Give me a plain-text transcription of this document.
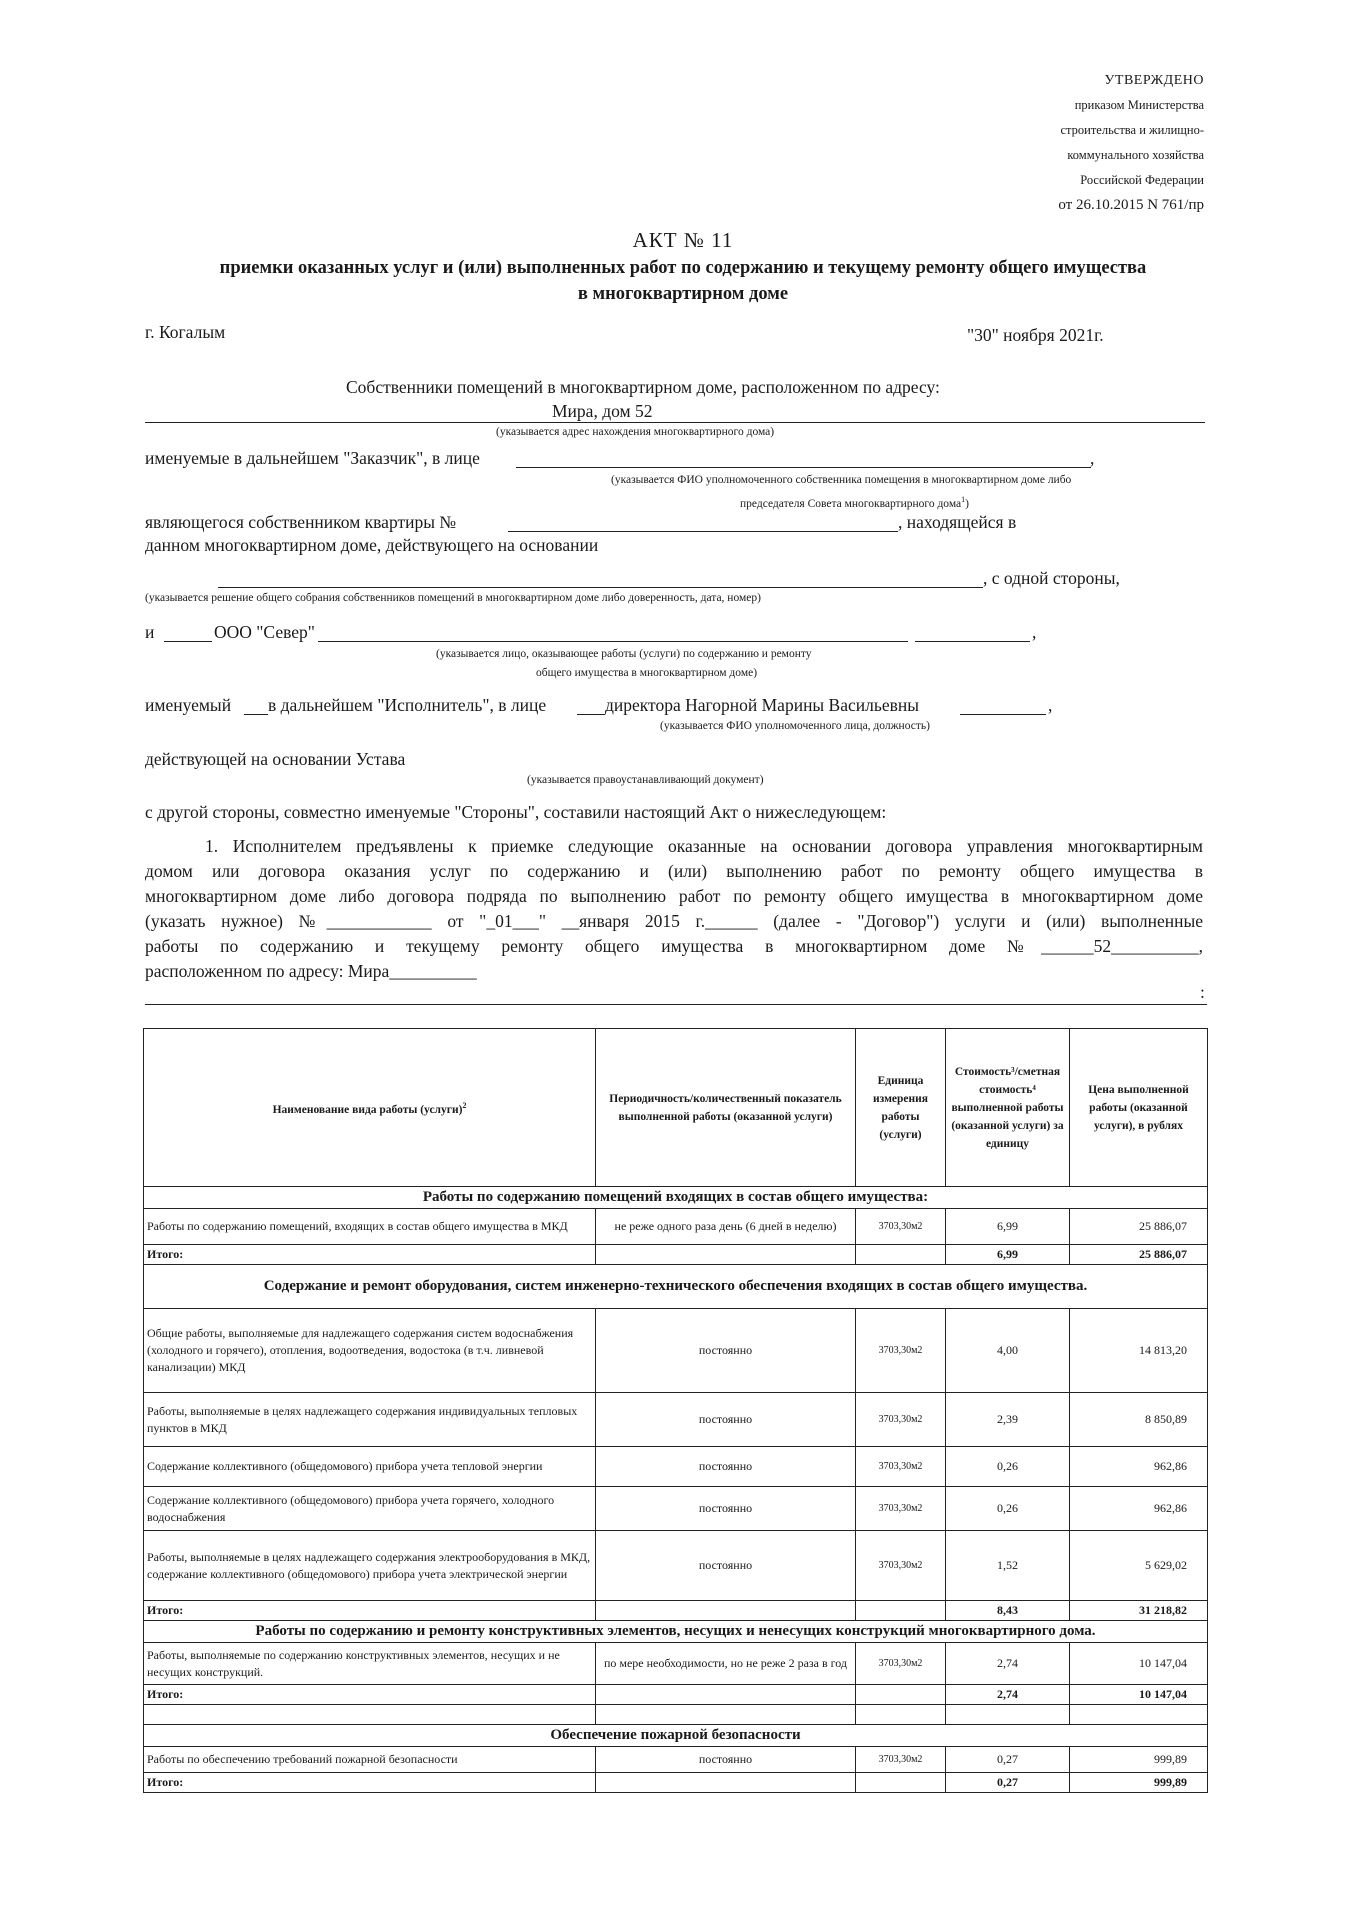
УТВЕРЖДЕНО
приказом Министерства
строительства и жилищно-
коммунального хозяйства
Российской Федерации
от 26.10.2015 N 761/пр
АКТ № 11
приемки оказанных услуг и (или) выполненных работ по содержанию и текущему ремонту общего имущества
в многоквартирном доме
г. Когалым	"30" ноября 2021г.
Собственники помещений в многоквартирном доме, расположенном по адресу:
Мира, дом 52
(указывается адрес нахождения многоквартирного дома)
именуемые в дальнейшем "Заказчик", в лице	,
(указывается ФИО уполномоченного собственника помещения в многоквартирном доме либо
председателя Совета многоквартирного дома$^1$)
являющегося собственником квартиры №	, находящейся в
данном многоквартирном доме, действующего на основании
, с одной стороны,
(указывается решение общего собрания собственников помещений в многоквартирном доме либо доверенность, дата, номер)
и	ООО "Север"	,
(указывается лицо, оказывающее работы (услуги) по содержанию и ремонту
общего имущества в многоквартирном доме)
именуемый в дальнейшем "Исполнитель", в лице	директора Нагорной Марины Васильевны	,
(указывается ФИО уполномоченного лица, должность)
действующей на основании Устава
(указывается правоустанавливающий документ)
с другой стороны, совместно именуемые "Стороны", составили настоящий Акт о нижеследующем:
1. Исполнителем предъявлены к приемке следующие оказанные на основании договора управления многоквартирным
домом или договора оказания услуг по содержанию и (или) выполнению работ по ремонту общего имущества в
многоквартирном доме либо договора подряда по выполнению работ по ремонту общего имущества в многоквартирном доме
(указать нужное) №____________ от "_01___" __января 2015 г.______ (далее - "Договор") услуги и (или) выполненные
работы по содержанию и текущему ремонту общего имущества в многоквартирном доме №______52__________,
расположенном по адресу: Мира__________
:
Наименование вида работы (услуги)$^2$	Периодичность/количественный показатель выполненной работы (оказанной услуги)	Единица измерения работы (услуги)	Стоимость³/сметная стоимость⁴ выполненной работы (оказанной услуги) за единицу	Цена выполненной работы (оказанной услуги), в рублях
Работы по содержанию помещений входящих в состав общего имущества:				
Работы по содержанию помещений, входящих в состав общего имущества в МКД	не реже одного раза день (6 дней в неделю)	3703,30м2	6,99	25 886,07
Итого:			6,99	25 886,07
Содержание и ремонт оборудования, систем инженерно-технического обеспечения входящих в состав общего имущества.				
Общие работы, выполняемые для надлежащего содержания систем водоснабжения (холодного и горячего), отопления, водоотведения, водостока (в т.ч. ливневой канализации) МКД	постоянно	3703,30м2	4,00	14 813,20
Работы, выполняемые в целях надлежащего содержания индивидуальных тепловых пунктов в МКД	постоянно	3703,30м2	2,39	8 850,89
Содержание коллективного (общедомового) прибора учета тепловой энергии	постоянно	3703,30м2	0,26	962,86
Содержание коллективного (общедомового) прибора учета горячего, холодного водоснабжения	постоянно	3703,30м2	0,26	962,86
Работы, выполняемые в целях надлежащего содержания электрооборудования в МКД, содержание коллективного (общедомового) прибора учета электрической энергии	постоянно	3703,30м2	1,52	5 629,02
Итого:			8,43	31 218,82
Работы по содержанию и ремонту конструктивных элементов, несущих и ненесущих конструкций многоквартирного дома.				
Работы, выполняемые по содержанию конструктивных элементов, несущих и не несущих конструкций.	по мере необходимости, но не реже 2 раза в год	3703,30м2	2,74	10 147,04
Итого:			2,74	10 147,04

Обеспечение пожарной безопасности				
Работы по обеспечению требований пожарной безопасности	постоянно	3703,30м2	0,27	999,89
Итого:			0,27	999,89
